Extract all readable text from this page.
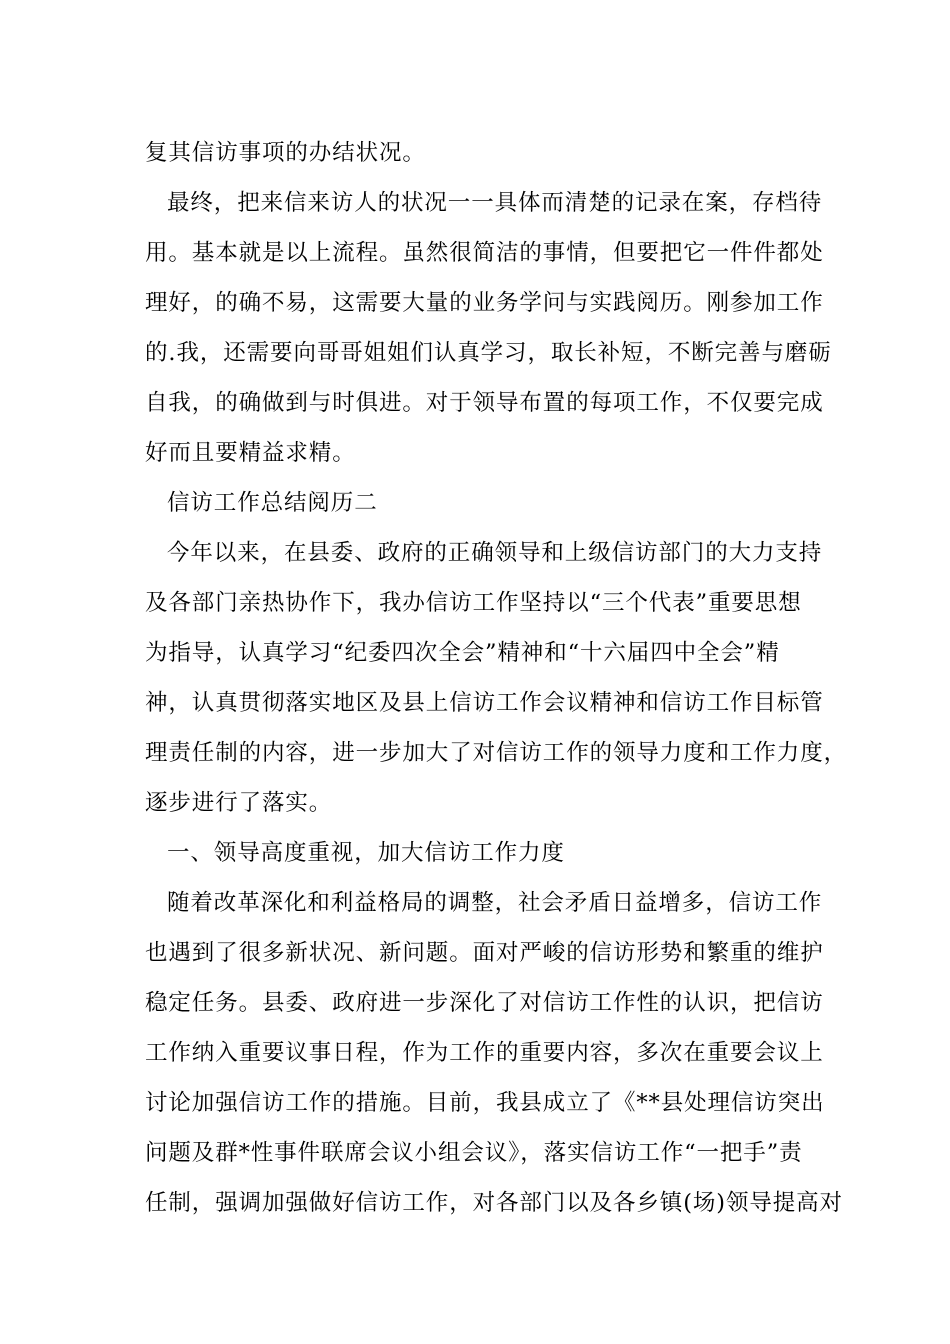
复其信访事项的办结状况。
最终，把来信来访人的状况一一具体而清楚的记录在案，存档待
用。基本就是以上流程。虽然很简洁的事情，但要把它一件件都处
理好，的确不易，这需要大量的业务学问与实践阅历。刚参加工作
的.我，还需要向哥哥姐姐们认真学习，取长补短，不断完善与磨砺
自我，的确做到与时俱进。对于领导布置的每项工作，不仅要完成
好而且要精益求精。
信访工作总结阅历二
今年以来，在县委、政府的正确领导和上级信访部门的大力支持
及各部门亲热协作下，我办信访工作坚持以“三个代表”重要思想
为指导，认真学习“纪委四次全会”精神和“十六届四中全会”精
神，认真贯彻落实地区及县上信访工作会议精神和信访工作目标管
理责任制的内容，进一步加大了对信访工作的领导力度和工作力度，
逐步进行了落实。
一、领导高度重视，加大信访工作力度
随着改革深化和利益格局的调整，社会矛盾日益增多，信访工作
也遇到了很多新状况、新问题。面对严峻的信访形势和繁重的维护
稳定任务。县委、政府进一步深化了对信访工作性的认识，把信访
工作纳入重要议事日程，作为工作的重要内容，多次在重要会议上
讨论加强信访工作的措施。目前，我县成立了《**县处理信访突出
问题及群*性事件联席会议小组会议》，落实信访工作“一把手”责
任制，强调加强做好信访工作，对各部门以及各乡镇(场)领导提高对
